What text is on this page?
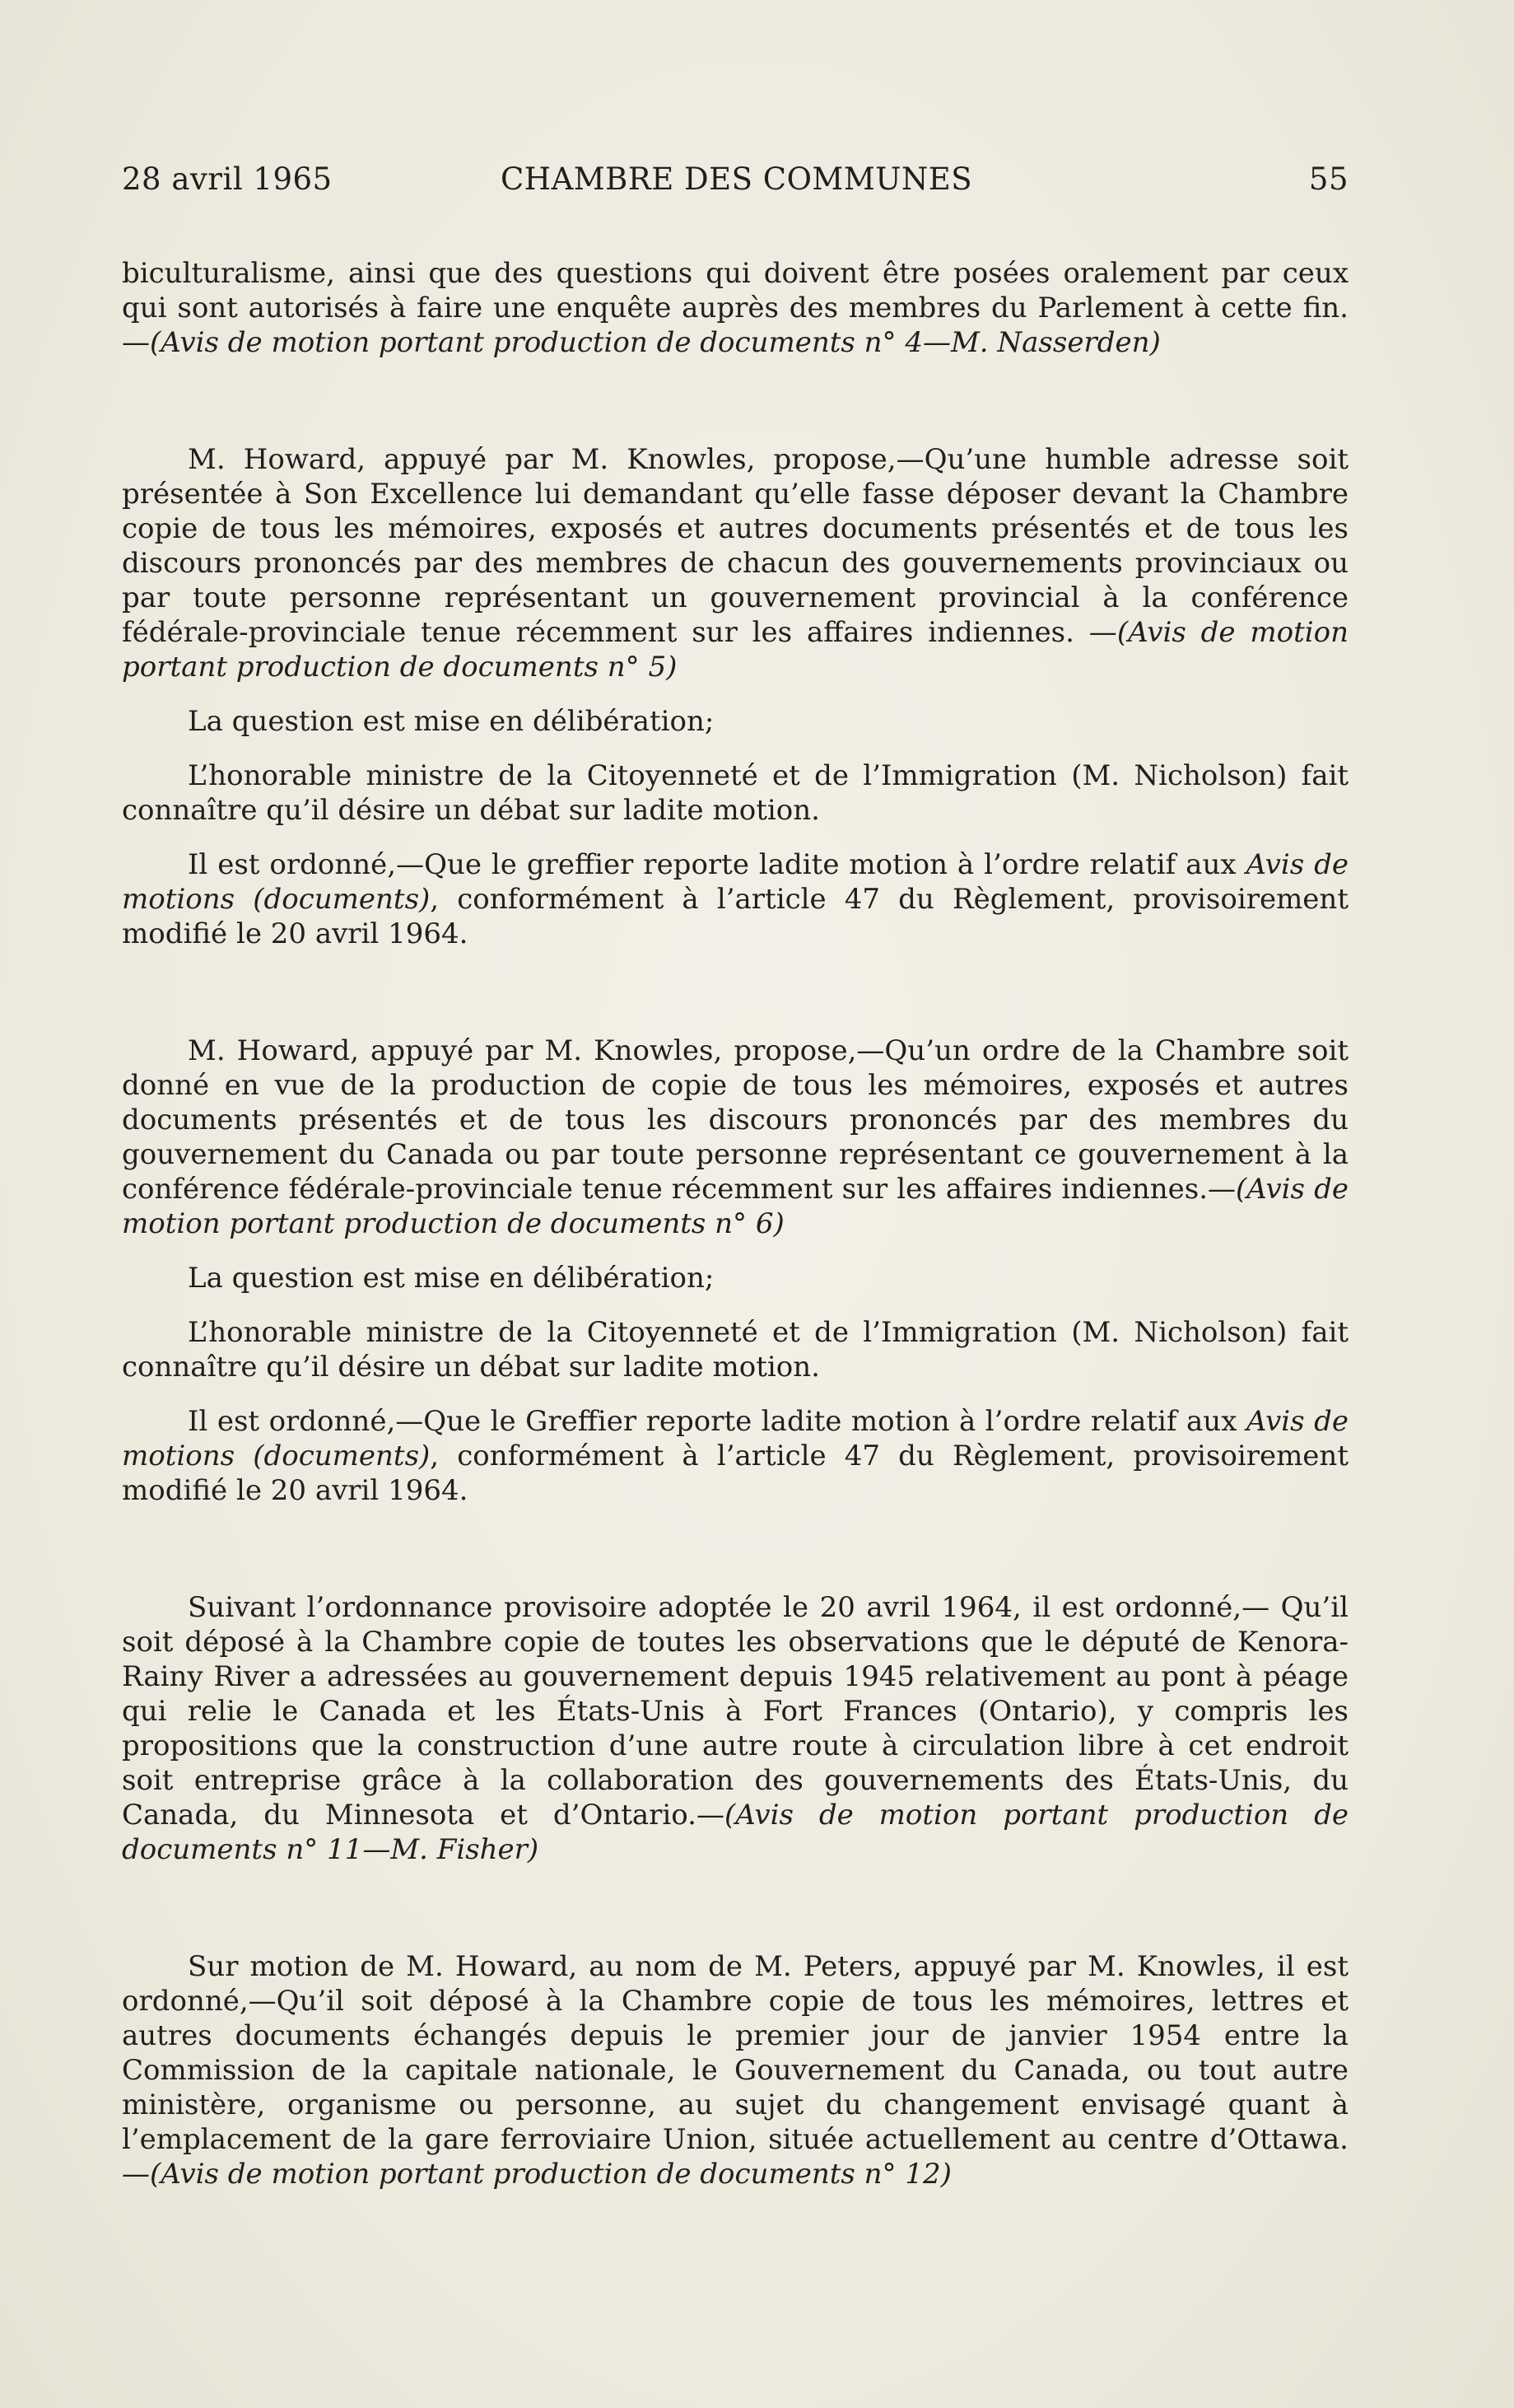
28 avril 1965	CHAMBRE DES COMMUNES	55

biculturalisme, ainsi que des questions qui doivent être posées oralement par ceux qui sont autorisés à faire une enquête auprès des membres du Parlement à cette fin.—(Avis de motion portant production de documents n° 4—M. Nasserden)

M. Howard, appuyé par M. Knowles, propose,—Qu’une humble adresse soit présentée à Son Excellence lui demandant qu’elle fasse déposer devant la Chambre copie de tous les mémoires, exposés et autres documents présentés et de tous les discours prononcés par des membres de chacun des gouvernements provinciaux ou par toute personne représentant un gouvernement provincial à la conférence fédérale-provinciale tenue récemment sur les affaires indiennes. —(Avis de motion portant production de documents n° 5)

La question est mise en délibération;

L’honorable ministre de la Citoyenneté et de l’Immigration (M. Nicholson) fait connaître qu’il désire un débat sur ladite motion.

Il est ordonné,—Que le greffier reporte ladite motion à l’ordre relatif aux Avis de motions (documents), conformément à l’article 47 du Règlement, provisoirement modifié le 20 avril 1964.

M. Howard, appuyé par M. Knowles, propose,—Qu’un ordre de la Chambre soit donné en vue de la production de copie de tous les mémoires, exposés et autres documents présentés et de tous les discours prononcés par des membres du gouvernement du Canada ou par toute personne représentant ce gouvernement à la conférence fédérale-provinciale tenue récemment sur les affaires indiennes.—(Avis de motion portant production de documents n° 6)

La question est mise en délibération;

L’honorable ministre de la Citoyenneté et de l’Immigration (M. Nicholson) fait connaître qu’il désire un débat sur ladite motion.

Il est ordonné,—Que le Greffier reporte ladite motion à l’ordre relatif aux Avis de motions (documents), conformément à l’article 47 du Règlement, provisoirement modifié le 20 avril 1964.

Suivant l’ordonnance provisoire adoptée le 20 avril 1964, il est ordonné,— Qu’il soit déposé à la Chambre copie de toutes les observations que le député de Kenora-Rainy River a adressées au gouvernement depuis 1945 relativement au pont à péage qui relie le Canada et les États-Unis à Fort Frances (Ontario), y compris les propositions que la construction d’une autre route à circulation libre à cet endroit soit entreprise grâce à la collaboration des gouvernements des États-Unis, du Canada, du Minnesota et d’Ontario.—(Avis de motion portant production de documents n° 11—M. Fisher)

Sur motion de M. Howard, au nom de M. Peters, appuyé par M. Knowles, il est ordonné,—Qu’il soit déposé à la Chambre copie de tous les mémoires, lettres et autres documents échangés depuis le premier jour de janvier 1954 entre la Commission de la capitale nationale, le Gouvernement du Canada, ou tout autre ministère, organisme ou personne, au sujet du changement envisagé quant à l’emplacement de la gare ferroviaire Union, située actuellement au centre d’Ottawa.—(Avis de motion portant production de documents n° 12)
